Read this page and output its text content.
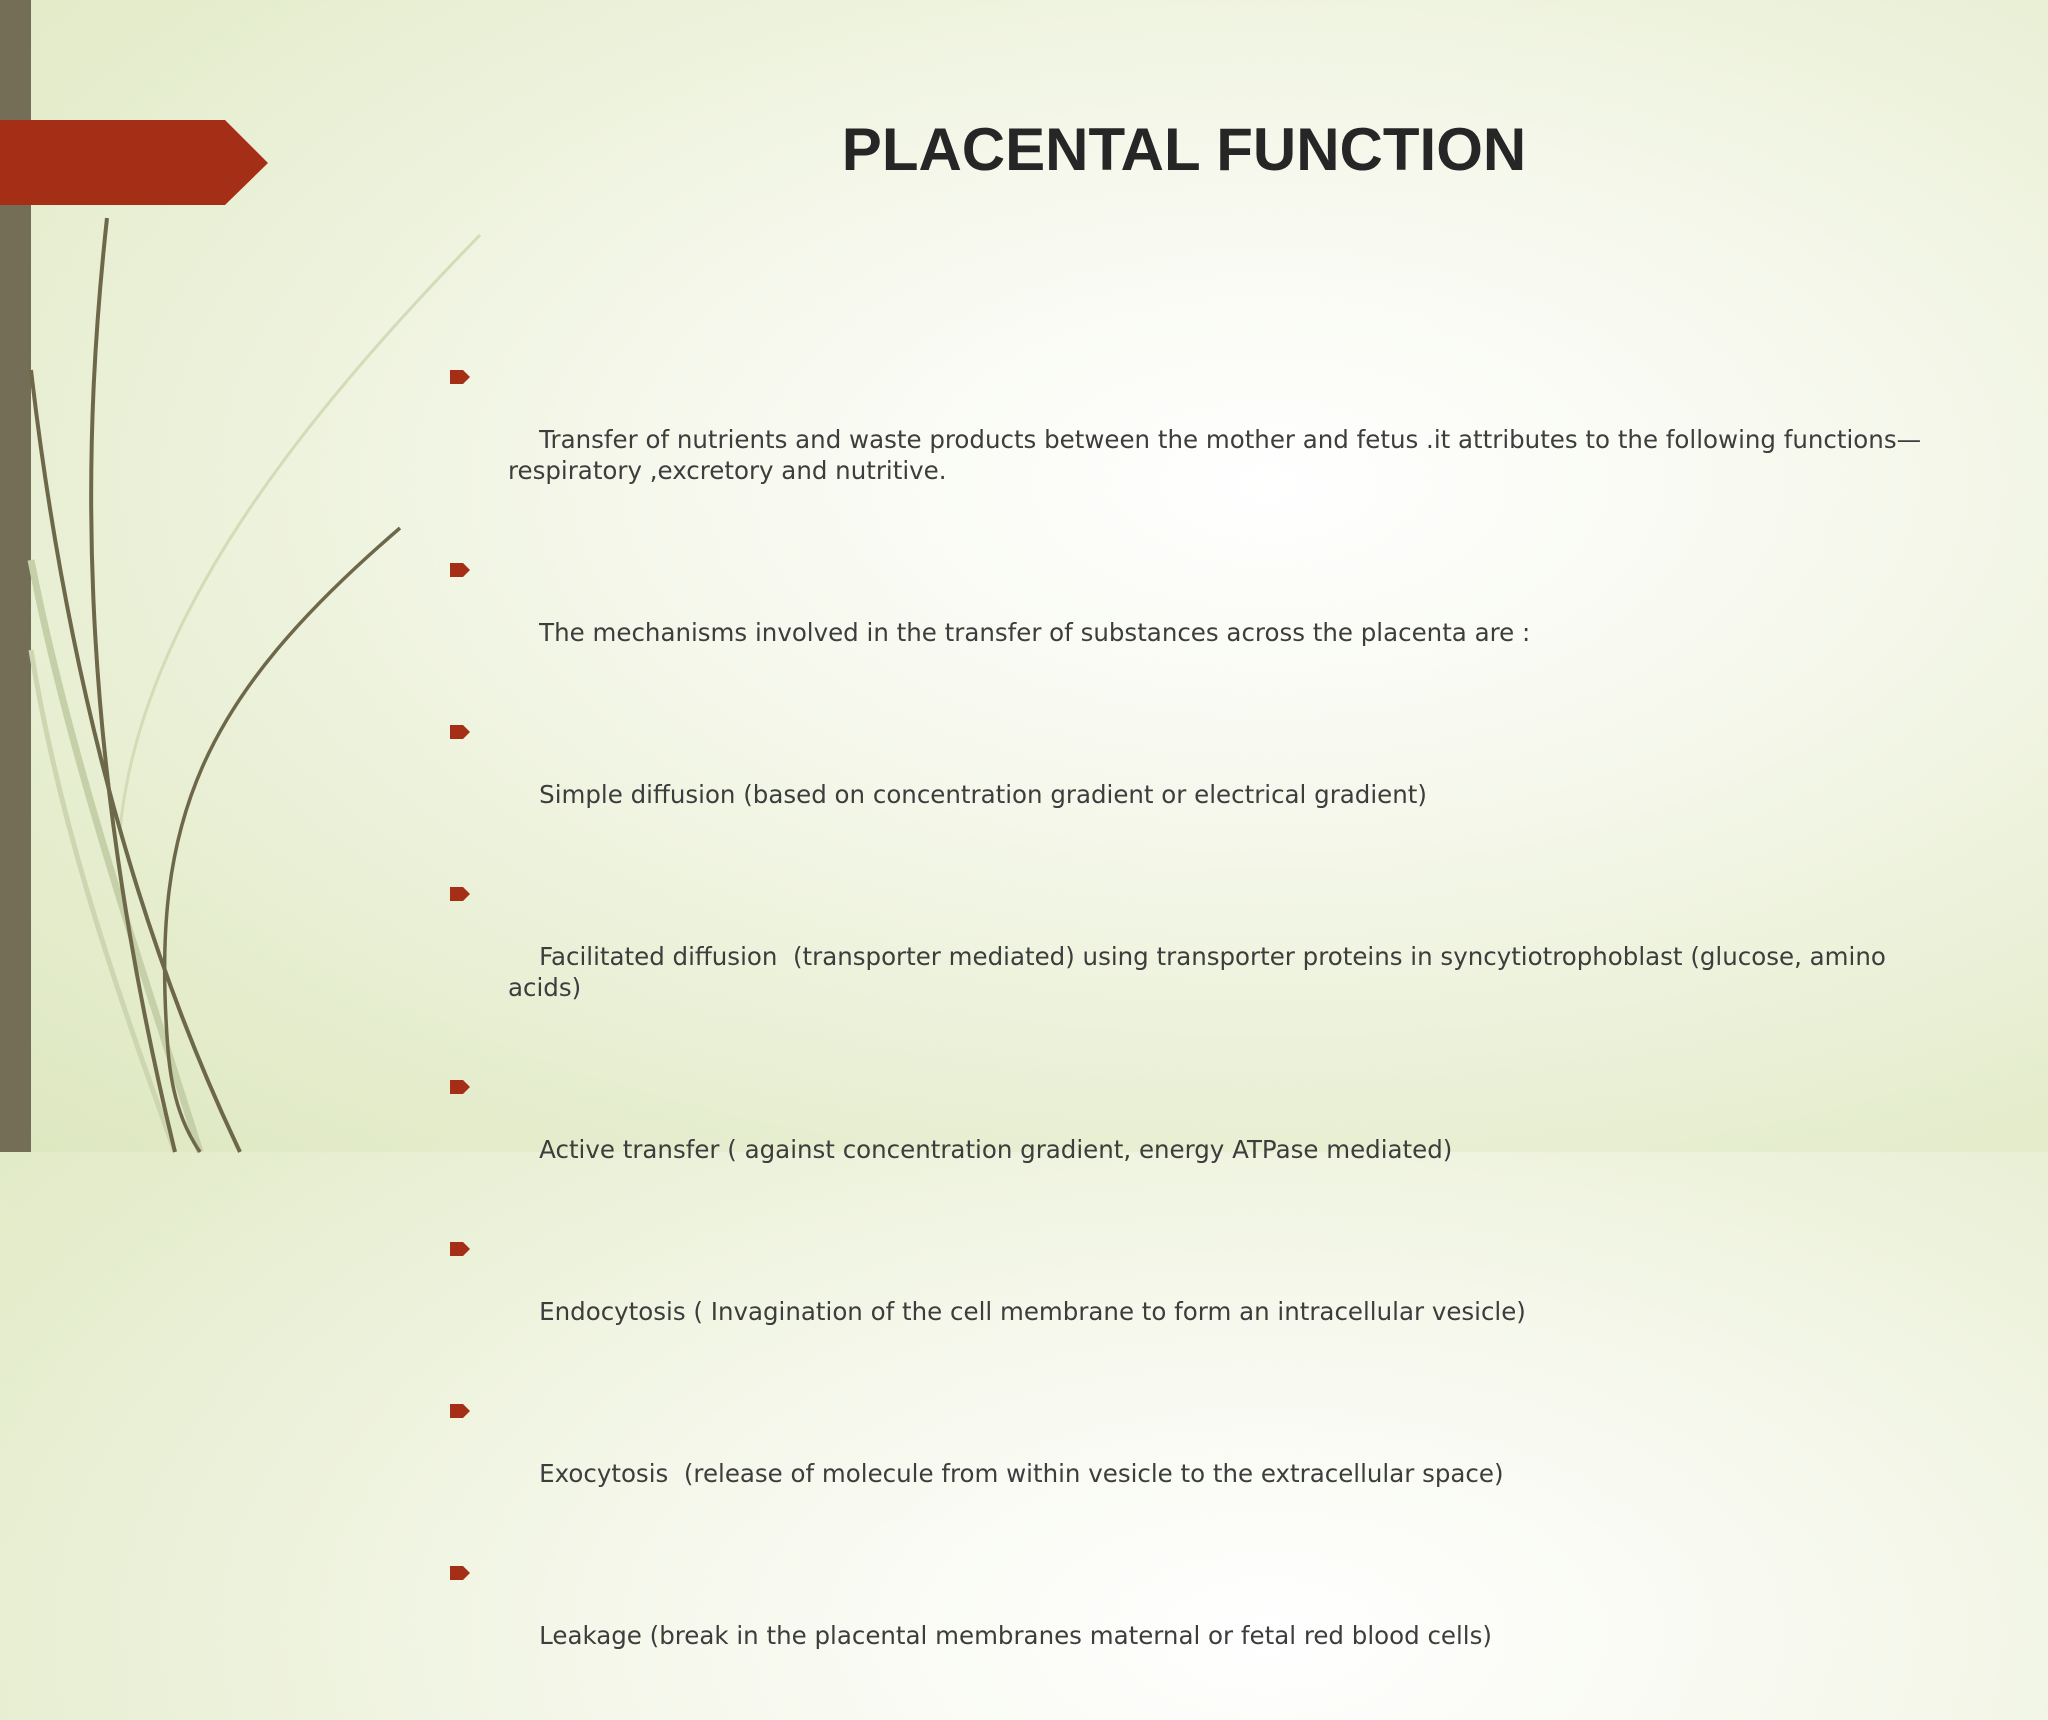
PLACENTAL FUNCTION

Transfer of nutrients and waste products between the mother and fetus .it attributes to the following functions—respiratory ,excretory and nutritive.

The mechanisms involved in the transfer of substances across the placenta are :

Simple diffusion (based on concentration gradient or electrical gradient)

Facilitated diffusion  (transporter mediated) using transporter proteins in syncytiotrophoblast (glucose, amino acids)

Active transfer ( against concentration gradient, energy ATPase mediated)

Endocytosis ( Invagination of the cell membrane to form an intracellular vesicle)

Exocytosis  (release of molecule from within vesicle to the extracellular space)

Leakage (break in the placental membranes maternal or fetal red blood cells)
